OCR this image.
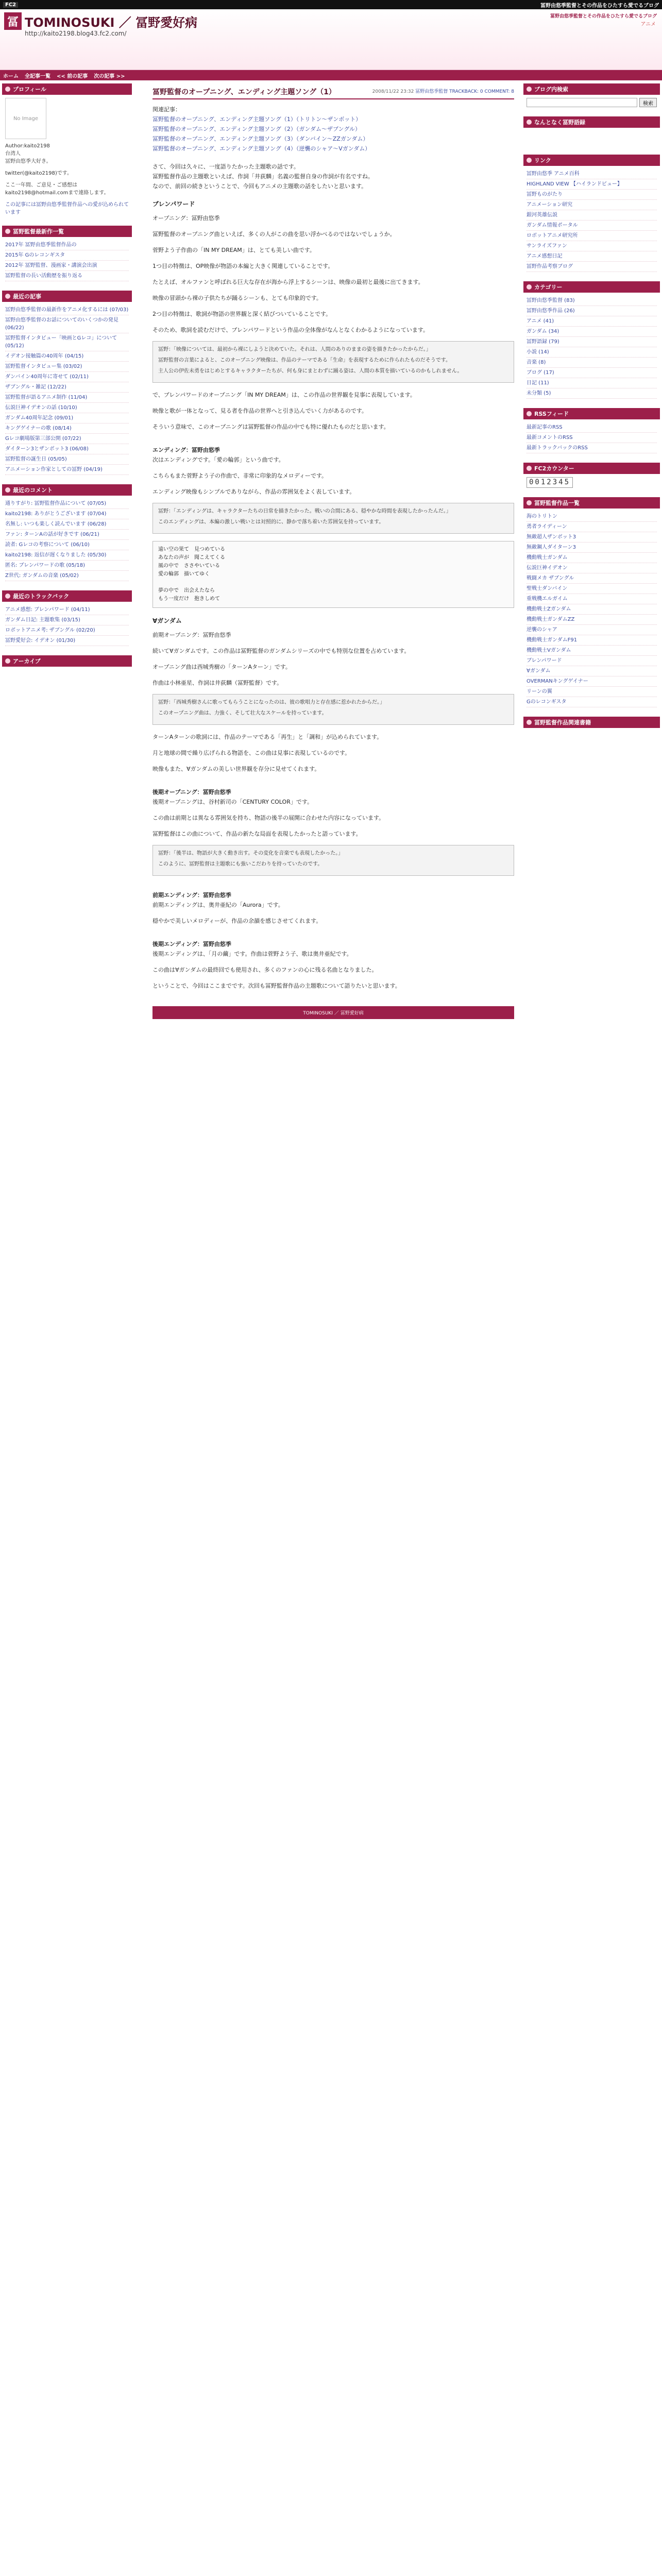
FC2	冨野由悠季監督とその作品をひたすら愛でるブログ
冨 TOMINOSUKI ／ 冨野愛好病
http://kaito2198.blog43.fc2.com/
冨野由悠季監督とその作品をひたすら愛でるブログ
アニメ
ホーム 全記事一覧 << 前の記事 次の記事 >>
プロフィール
No Image
Author:kaito2198
台湾人
冨野由悠季大好き。
twitter(@kaito2198)です。
ここ一年間、ご意見・ご感想は
kaito2198@hotmail.comまで連絡します。
この記事には冨野由悠季監督作品への愛が込められています
冨野監督最新作一覧
2017年 冨野由悠季監督作品の
2015年 Gのレコンギスタ
2012年 冨野監督、漫画家・講演会出演
冨野監督の長い活動歴を振り返る
最近の記事
冨野由悠季監督の最新作をアニメ化するには (07/03)
冨野由悠季監督のお話についてのいくつかの発見 (06/22)
冨野監督インタビュー「映画とGレコ」について (05/12)
イデオン接触篇の40周年 (04/15)
冨野監督インタビュー集 (03/02)
ダンバイン40周年に寄せて (02/11)
ザブングル・雑記 (12/22)
冨野監督が語るアニメ制作 (11/04)
伝説巨神イデオンの話 (10/10)
ガンダム40周年記念 (09/01)
キングゲイナーの歌 (08/14)
Gレコ劇場版第三部公開 (07/22)
ダイターン3とザンボット3 (06/08)
冨野監督の誕生日 (05/05)
アニメーション作家としての冨野 (04/19)
最近のコメント
通りすがり: 冨野監督作品について (07/05)
kaito2198: ありがとうございます (07/04)
名無し: いつも楽しく読んでいます (06/28)
ファン: ターンAの話が好きです (06/21)
読者: Gレコの考察について (06/10)
kaito2198: 返信が遅くなりました (05/30)
匿名: ブレンパワードの歌 (05/18)
Z世代: ガンダムの音楽 (05/02)
最近のトラックバック
アニメ感想: ブレンパワード (04/11)
ガンダム日記: 主題歌集 (03/15)
ロボットアニメ考: ザブングル (02/20)
冨野愛好会: イデオン (01/30)
アーカイブ
冨野監督のオープニング、エンディング主題ソング（1）	2008/11/22 23:32 冨野由悠季監督 TRACKBACK: 0 COMMENT: 8
関連記事：
冨野監督のオープニング、エンディング主題ソング（1）（トリトン〜ザンボット）
冨野監督のオープニング、エンディング主題ソング（2）（ガンダム〜ザブングル）
冨野監督のオープニング、エンディング主題ソング（3）（ダンバイン〜ZZガンダム）
冨野監督のオープニング、エンディング主題ソング（4）（逆襲のシャア〜Vガンダム）

さて、今回は久々に、一度語りたかった主題歌の話です。
冨野監督作品の主題歌といえば、作詞「井荻麟」名義の監督自身の作詞が有名ですね。
なので、前回の続きということで、今回もアニメの主題歌の話をしたいと思います。

ブレンパワード

オープニング：冨野由悠季

冨野監督のオープニング曲といえば、多くの人がこの曲を思い浮かべるのではないでしょうか。

菅野よう子作曲の「IN MY DREAM」は、とても美しい曲です。

1つ目の特徴は、OP映像が物語の本編と大きく関連していることです。

たとえば、オルファンと呼ばれる巨大な存在が海から浮上するシーンは、映像の最初と最後に出てきます。

映像の冒頭から裸の子供たちが踊るシーンも、とても印象的です。

2つ目の特徴は、歌詞が物語の世界観と深く結びついていることです。

そのため、歌詞を読むだけで、ブレンパワードという作品の全体像がなんとなくわかるようになっています。

冨野：「映像については、最初から裸にしようと決めていた。それは、人間のありのままの姿を描きたかったからだ。」

冨野監督の言葉によると、このオープニング映像は、作品のテーマである「生命」を表現するために作られたものだそうです。

主人公の伊佐未勇をはじめとするキャラクターたちが、何も身にまとわずに踊る姿は、人間の本質を描いているのかもしれません。

で、ブレンパワードのオープニング「IN MY DREAM」は、この作品の世界観を見事に表現しています。

映像と歌が一体となって、見る者を作品の世界へと引き込んでいく力があるのです。

そういう意味で、このオープニングは冨野監督の作品の中でも特に優れたものだと思います。

エンディング：冨野由悠季

次はエンディングです。「愛の輪郭」という曲です。

こちらもまた菅野よう子の作曲で、非常に印象的なメロディーです。

エンディング映像もシンプルでありながら、作品の雰囲気をよく表しています。

冨野：「エンディングは、キャラクターたちの日常を描きたかった。戦いの合間にある、穏やかな時間を表現したかったんだ。」

このエンディングは、本編の激しい戦いとは対照的に、静かで落ち着いた雰囲気を持っています。

遠い空の果て　見つめている
あなたの声が　聞こえてくる
風の中で　ささやいている
愛の輪郭　描いてゆく

夢の中で　出会えたなら
もう一度だけ　抱きしめて
∀ガンダム

前期オープニング：冨野由悠季

続いて∀ガンダムです。この作品は冨野監督のガンダムシリーズの中でも特別な位置を占めています。

オープニング曲は西城秀樹の「ターンAターン」です。

作曲は小林亜星、作詞は井荻麟（冨野監督）です。

冨野：「西城秀樹さんに歌ってもらうことになったのは、彼の歌唱力と存在感に惹かれたからだ。」

このオープニング曲は、力強く、そして壮大なスケールを持っています。

ターンAターンの歌詞には、作品のテーマである「再生」と「調和」が込められています。

月と地球の間で繰り広げられる物語を、この曲は見事に表現しているのです。

映像もまた、∀ガンダムの美しい世界観を存分に見せてくれます。

後期オープニング：冨野由悠季

後期オープニングは、谷村新司の「CENTURY COLOR」です。

この曲は前期とは異なる雰囲気を持ち、物語の後半の展開に合わせた内容になっています。

冨野監督はこの曲について、作品の新たな局面を表現したかったと語っています。

冨野：「後半は、物語が大きく動き出す。その変化を音楽でも表現したかった。」

このように、冨野監督は主題歌にも強いこだわりを持っていたのです。

前期エンディング：冨野由悠季

前期エンディングは、奥井亜紀の「Aurora」です。

穏やかで美しいメロディーが、作品の余韻を感じさせてくれます。

後期エンディング：冨野由悠季

後期エンディングは、「月の繭」です。作曲は菅野よう子、歌は奥井亜紀です。

この曲は∀ガンダムの最終回でも使用され、多くのファンの心に残る名曲となりました。

ということで、今回はここまでです。次回も冨野監督作品の主題歌について語りたいと思います。

TOMINOSUKI ／ 冨野愛好病
ブログ内検索
検索
なんとなく冨野語録
リンク
冨野由悠季 アニメ百科
HIGHLAND VIEW 【ハイランドビュー】
冨野ものがたり
アニメーション研究
銀河英雄伝説
ガンダム情報ポータル
ロボットアニメ研究所
サンライズファン
アニメ感想日記
冨野作品考察ブログ
カテゴリー
冨野由悠季監督 (83)
冨野由悠季作品 (26)
アニメ (41)
ガンダム (34)
冨野語録 (79)
小説 (14)
音楽 (8)
ブログ (17)
日記 (11)
未分類 (5)
RSSフィード
最新記事のRSS
最新コメントのRSS
最新トラックバックのRSS
FC2カウンター
0012345
冨野監督作品一覧
海のトリトン
勇者ライディーン
無敵超人ザンボット3
無敵鋼人ダイターン3
機動戦士ガンダム
伝説巨神イデオン
戦闘メカ ザブングル
聖戦士ダンバイン
重戦機エルガイム
機動戦士Zガンダム
機動戦士ガンダムZZ
逆襲のシャア
機動戦士ガンダムF91
機動戦士Vガンダム
ブレンパワード
∀ガンダム
OVERMANキングゲイナー
リーンの翼
Gのレコンギスタ
冨野監督作品関連書籍
